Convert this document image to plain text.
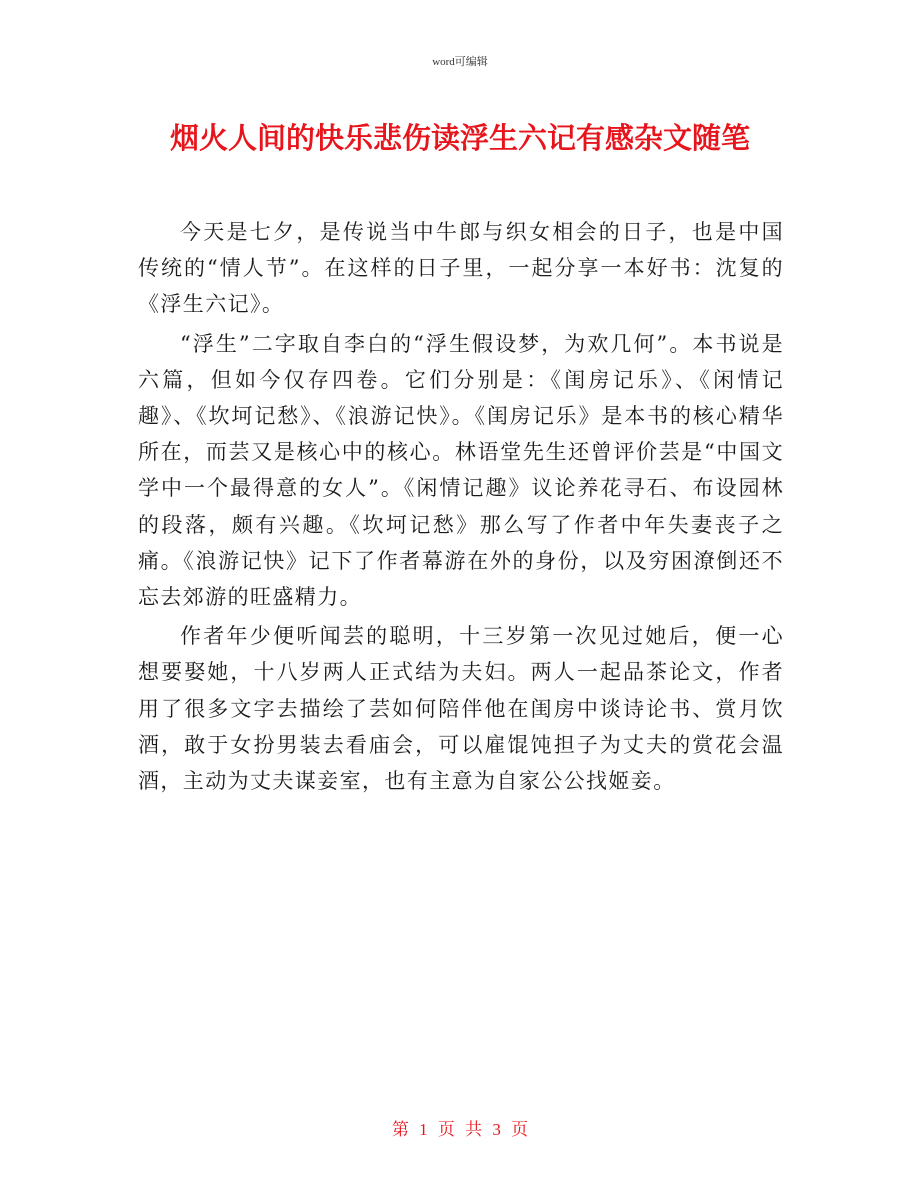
word可编辑
烟火人间的快乐悲伤读浮生六记有感杂文随笔

今天是七夕，是传说当中牛郎与织女相会的日子，也是中国传统的“情人节”。在这样的日子里，一起分享一本好书：沈复的《浮生六记》。

“浮生”二字取自李白的“浮生假设梦，为欢几何”。本书说是六篇，但如今仅存四卷。它们分别是：《闺房记乐》、《闲情记趣》、《坎坷记愁》、《浪游记快》。《闺房记乐》是本书的核心精华所在，而芸又是核心中的核心。林语堂先生还曾评价芸是“中国文学中一个最得意的女人”。《闲情记趣》议论养花寻石、布设园林的段落，颇有兴趣。《坎坷记愁》那么写了作者中年失妻丧子之痛。《浪游记快》记下了作者幕游在外的身份，以及穷困潦倒还不忘去郊游的旺盛精力。

作者年少便听闻芸的聪明，十三岁第一次见过她后，便一心想要娶她，十八岁两人正式结为夫妇。两人一起品茶论文，作者用了很多文字去描绘了芸如何陪伴他在闺房中谈诗论书、赏月饮酒，敢于女扮男装去看庙会，可以雇馄饨担子为丈夫的赏花会温酒，主动为丈夫谋妾室，也有主意为自家公公找姬妾。

第 1 页 共 3 页
